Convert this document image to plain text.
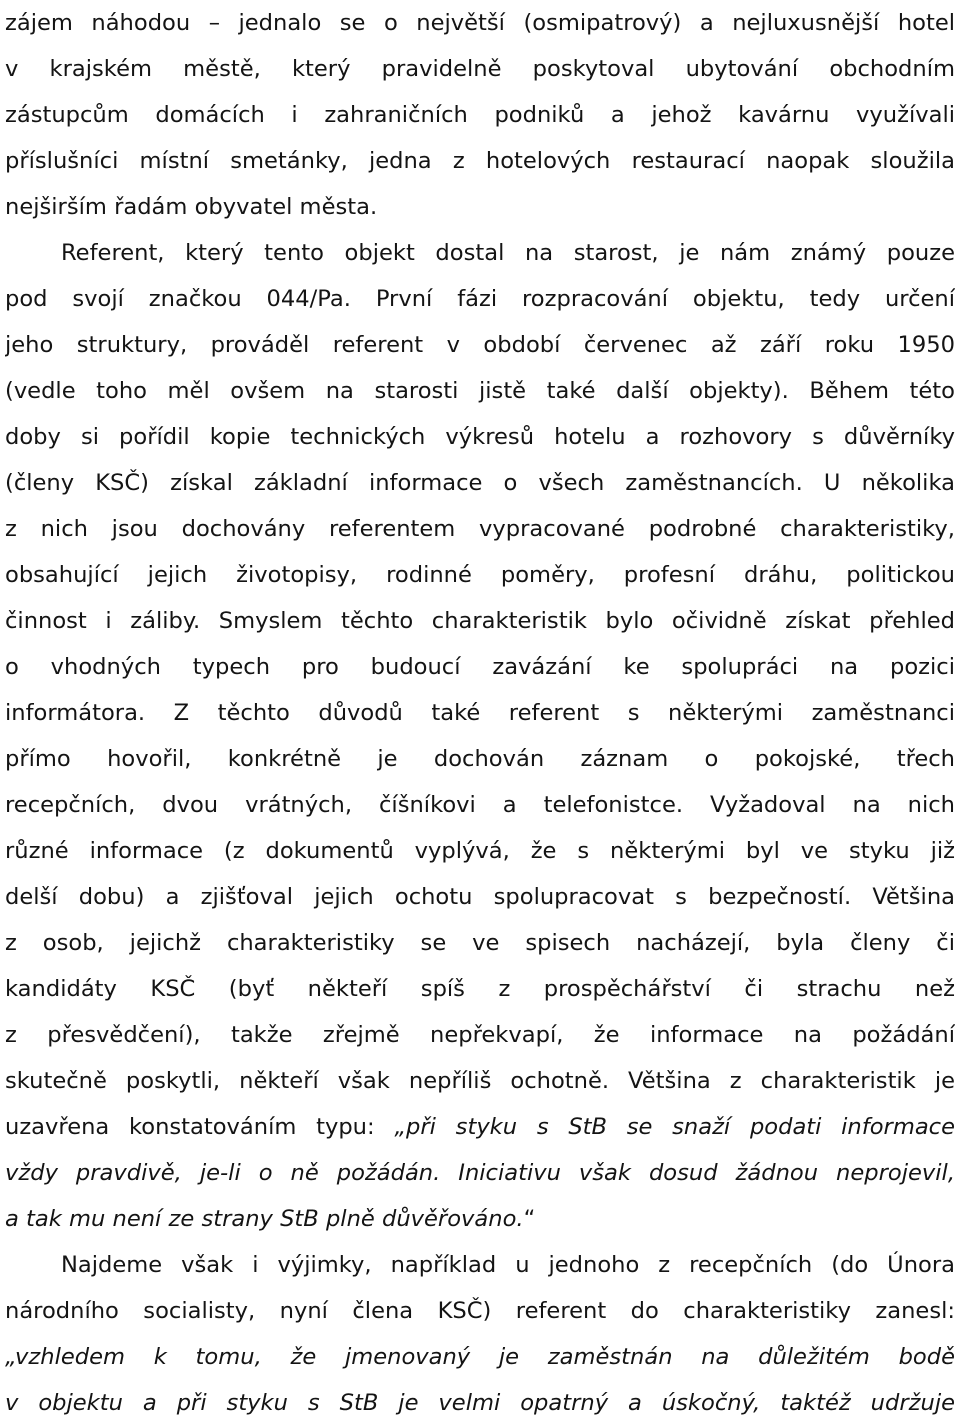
zájem náhodou – jednalo se o největší (osmipatrový) a nejluxusnější hotel
v krajském městě, který pravidelně poskytoval ubytování obchodním
zástupcům domácích i zahraničních podniků a jehož kavárnu využívali
příslušníci místní smetánky, jedna z hotelových restaurací naopak sloužila
nejširším řadám obyvatel města.
Referent, který tento objekt dostal na starost, je nám známý pouze
pod svojí značkou 044/Pa. První fázi rozpracování objektu, tedy určení
jeho struktury, prováděl referent v období červenec až září roku 1950
(vedle toho měl ovšem na starosti jistě také další objekty). Během této
doby si pořídil kopie technických výkresů hotelu a rozhovory s důvěrníky
(členy KSČ) získal základní informace o všech zaměstnancích. U několika
z nich jsou dochovány referentem vypracované podrobné charakteristiky,
obsahující jejich životopisy, rodinné poměry, profesní dráhu, politickou
činnost i záliby. Smyslem těchto charakteristik bylo očividně získat přehled
o vhodných typech pro budoucí zavázání ke spolupráci na pozici
informátora. Z těchto důvodů také referent s některými zaměstnanci
přímo hovořil, konkrétně je dochován záznam o pokojské, třech
recepčních, dvou vrátných, číšníkovi a telefonistce. Vyžadoval na nich
různé informace (z dokumentů vyplývá, že s některými byl ve styku již
delší dobu) a zjišťoval jejich ochotu spolupracovat s bezpečností. Většina
z osob, jejichž charakteristiky se ve spisech nacházejí, byla členy či
kandidáty KSČ (byť někteří spíš z prospěchářství či strachu než
z přesvědčení), takže zřejmě nepřekvapí, že informace na požádání
skutečně poskytli, někteří však nepříliš ochotně. Většina z charakteristik je
uzavřena konstatováním typu: „při styku s StB se snaží podati informace
vždy pravdivě, je-li o ně požádán. Iniciativu však dosud žádnou neprojevil,
a tak mu není ze strany StB plně důvěřováno.“
Najdeme však i výjimky, například u jednoho z recepčních (do Února
národního socialisty, nyní člena KSČ) referent do charakteristiky zanesl:
„vzhledem k tomu, že jmenovaný je zaměstnán na důležitém bodě
v objektu a při styku s StB je velmi opatrný a úskočný, taktéž udržuje
